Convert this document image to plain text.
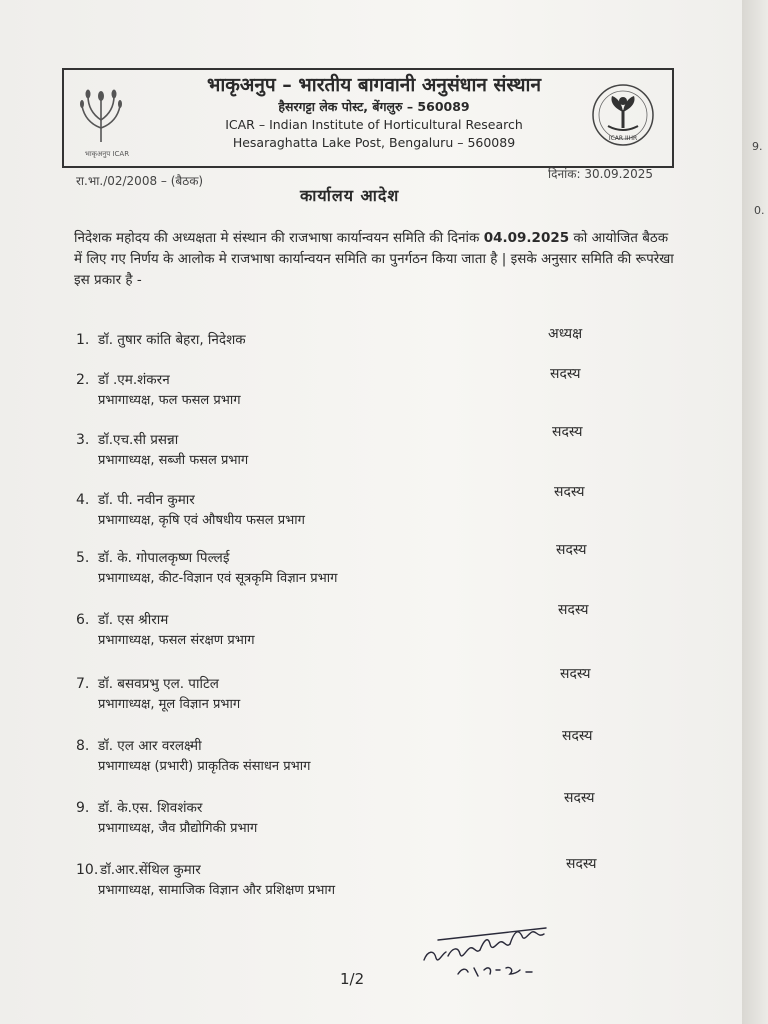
9.
0.
भाकृअनुप ICAR
भाकृअनुप – भारतीय बागवानी अनुसंधान संस्थान
हैसरगट्टा लेक पोस्ट, बेंगलुरु – 560089
ICAR – Indian Institute of Horticultural Research
Hesaraghatta Lake Post, Bengaluru – 560089	ICAR IIHR
रा.भा./02/2008 – (बैठक)	दिनांक: 30.09.2025
कार्यालय आदेश
निदेशक महोदय की अध्यक्षता मे संस्थान की राजभाषा कार्यान्वयन समिति की दिनांक 04.09.2025 को आयोजित बैठक में लिए गए निर्णय के आलोक मे राजभाषा कार्यान्वयन समिति का पुनर्गठन किया जाता है | इसके अनुसार समिति की रूपरेखा इस प्रकार है -
1. डॉ. तुषार कांति बेहरा, निदेशक	अध्यक्ष
2. डॉ .एम.शंकरन
प्रभागाध्यक्ष, फल फसल प्रभाग
सदस्य
3. डॉ.एच.सी प्रसन्ना
प्रभागाध्यक्ष, सब्जी फसल प्रभाग
सदस्य
4. डॉ. पी. नवीन कुमार
प्रभागाध्यक्ष, कृषि एवं औषधीय फसल प्रभाग
सदस्य
5. डॉ. के. गोपालकृष्ण पिल्लई
प्रभागाध्यक्ष, कीट-विज्ञान एवं सूत्रकृमि विज्ञान प्रभाग
सदस्य
6. डॉ. एस श्रीराम
प्रभागाध्यक्ष, फसल संरक्षण प्रभाग
सदस्य
7. डॉ. बसवप्रभु एल. पाटिल
प्रभागाध्यक्ष, मूल विज्ञान प्रभाग
सदस्य
8. डॉ. एल आर वरलक्ष्मी
प्रभागाध्यक्ष (प्रभारी) प्राकृतिक संसाधन प्रभाग
सदस्य
9. डॉ. के.एस. शिवशंकर
प्रभागाध्यक्ष, जैव प्रौद्योगिकी प्रभाग
सदस्य
10. डॉ.आर.सेंथिल कुमार
प्रभागाध्यक्ष, सामाजिक विज्ञान और प्रशिक्षण प्रभाग
सदस्य
1/2
